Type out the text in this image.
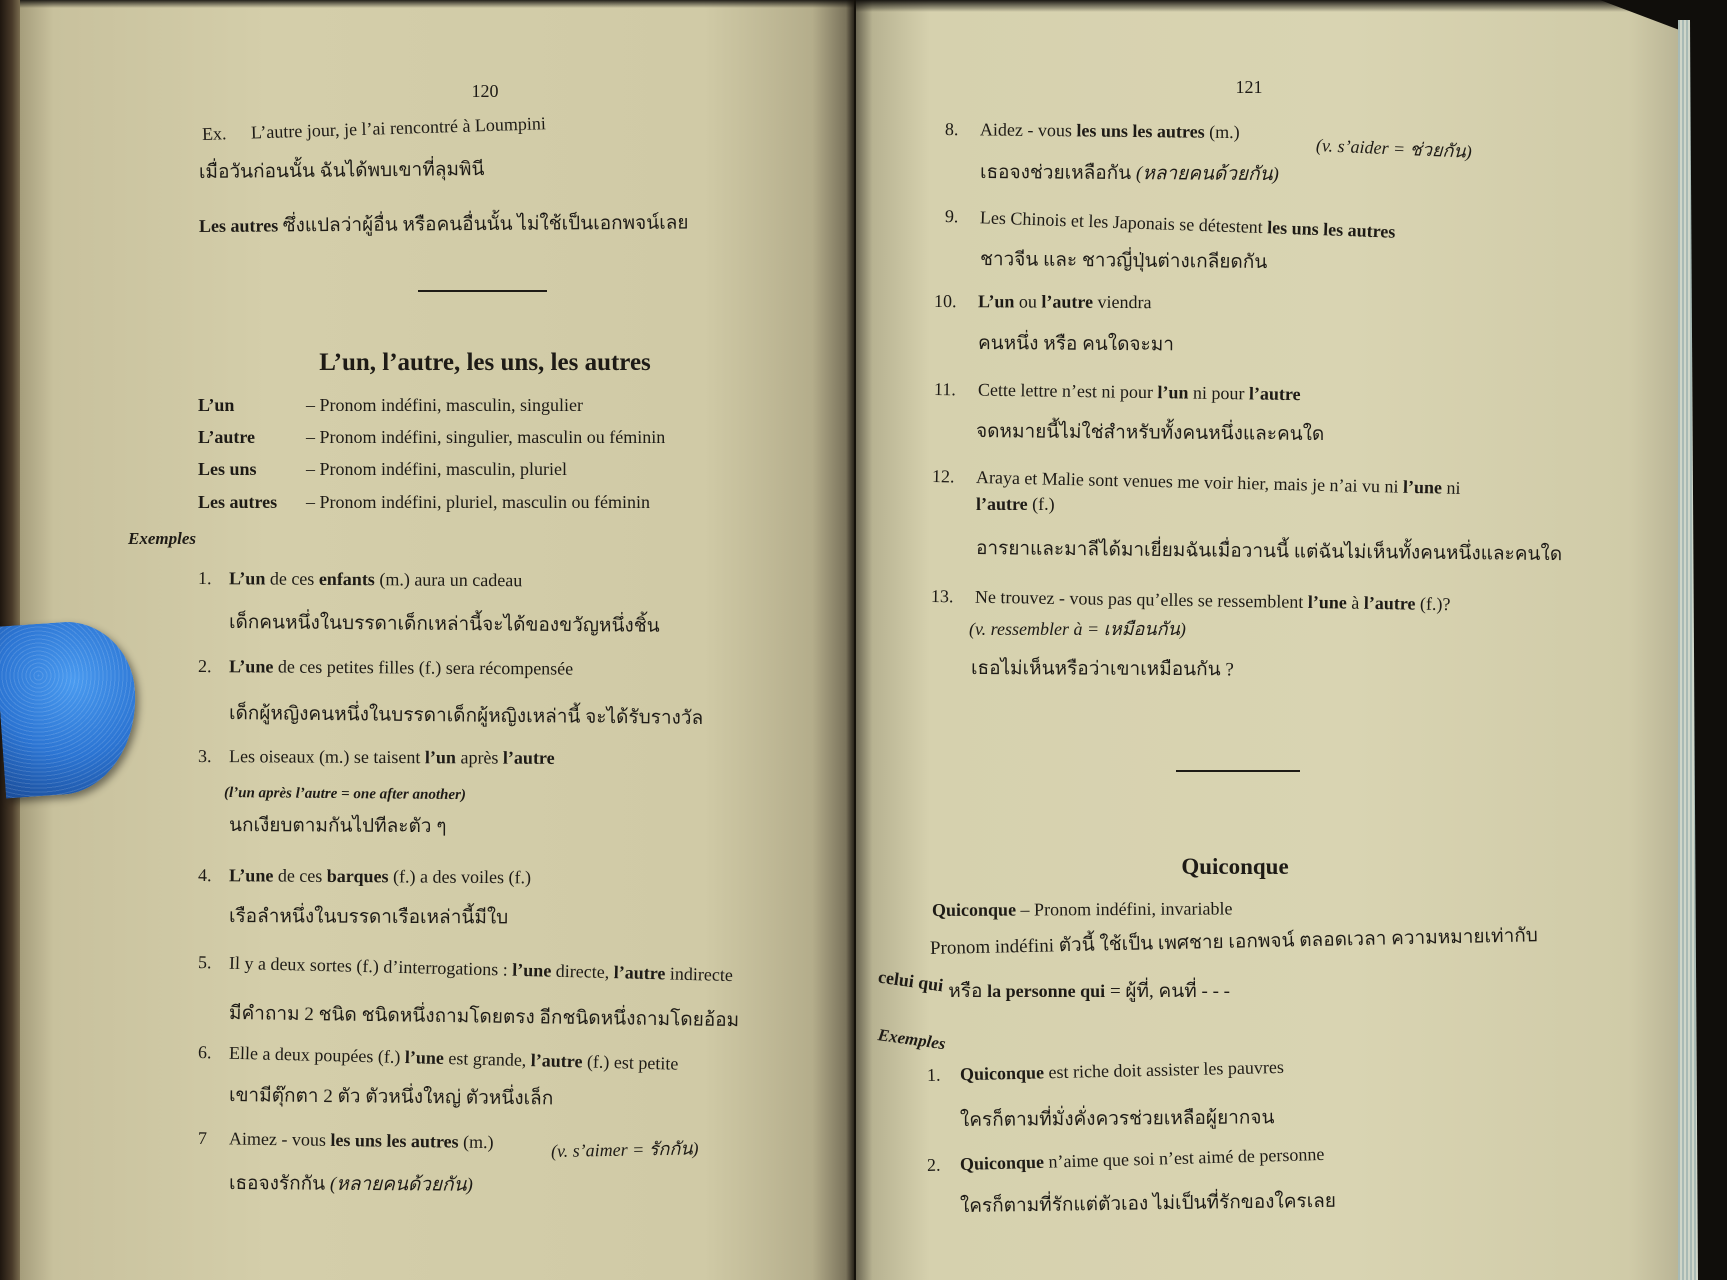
120
Ex. L’autre jour, je l’ai rencontré à Loumpini
เมื่อวันก่อนนั้น ฉันได้พบเขาที่ลุมพินี
Les autres ซึ่งแปลว่าผู้อื่น หรือคนอื่นนั้น ไม่ใช้เป็นเอกพจน์เลย
L’un, l’autre, les uns, les autres
L’un	– Pronom indéfini, masculin, singulier
L’autre	– Pronom indéfini, singulier, masculin ou féminin
Les uns	– Pronom indéfini, masculin, pluriel
Les autres – Pronom indéfini, pluriel, masculin ou féminin
Exemples
1. L’un de ces enfants (m.) aura un cadeau
เด็กคนหนึ่งในบรรดาเด็กเหล่านี้จะได้ของขวัญหนึ่งชิ้น
2. L’une de ces petites filles (f.) sera récompensée
เด็กผู้หญิงคนหนึ่งในบรรดาเด็กผู้หญิงเหล่านี้ จะได้รับรางวัล
3. Les oiseaux (m.) se taisent l’un après l’autre
(l’un après l’autre = one after another)
นกเงียบตามกันไปทีละตัว ๆ
4. L’une de ces barques (f.) a des voiles (f.)
เรือลำหนึ่งในบรรดาเรือเหล่านี้มีใบ
5. Il y a deux sortes (f.) d’interrogations : l’une directe, l’autre indirecte
มีคำถาม 2 ชนิด ชนิดหนึ่งถามโดยตรง อีกชนิดหนึ่งถามโดยอ้อม
6. Elle a deux poupées (f.) l’une est grande, l’autre (f.) est petite
เขามีตุ๊กตา 2 ตัว ตัวหนึ่งใหญ่ ตัวหนึ่งเล็ก
7 Aimez - vous les uns les autres (m.)	(v. s’aimer = รักกัน)
เธอจงรักกัน (หลายคนด้วยกัน)
121
8. Aidez - vous les uns les autres (m.)
(v. s’aider = ช่วยกัน)
เธอจงช่วยเหลือกัน (หลายคนด้วยกัน)
9. Les Chinois et les Japonais se détestent les uns les autres
ชาวจีน และ ชาวญี่ปุ่นต่างเกลียดกัน
10. L’un ou l’autre viendra
คนหนึ่ง หรือ คนใดจะมา
11. Cette lettre n’est ni pour l’un ni pour l’autre
จดหมายนี้ไม่ใช่สำหรับทั้งคนหนึ่งและคนใด
12. Araya et Malie sont venues me voir hier, mais je n’ai vu ni l’une ni
l’autre (f.)
อารยาและมาลีได้มาเยี่ยมฉันเมื่อวานนี้ แต่ฉันไม่เห็นทั้งคนหนึ่งและคนใด
13. Ne trouvez - vous pas qu’elles se ressemblent l’une à l’autre (f.)?
(v. ressembler à = เหมือนกัน)
เธอไม่เห็นหรือว่าเขาเหมือนกัน ?
Quiconque
Quiconque – Pronom indéfini, invariable
Pronom indéfini ตัวนี้ ใช้เป็น เพศชาย เอกพจน์ ตลอดเวลา ความหมายเท่ากับ
celui qui หรือ la personne qui = ผู้ที่, คนที่ - - -
Exemples
1. Quiconque est riche doit assister les pauvres
ใครก็ตามที่มั่งคั่งควรช่วยเหลือผู้ยากจน
2. Quiconque n’aime que soi n’est aimé de personne
ใครก็ตามที่รักแต่ตัวเอง ไม่เป็นที่รักของใครเลย
